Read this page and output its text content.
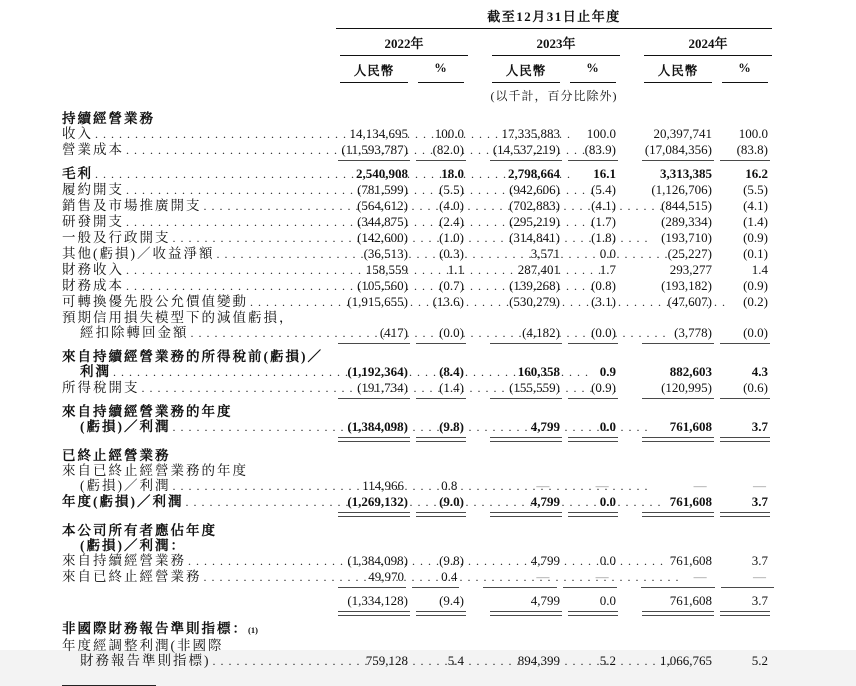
截至12月31日止年度
2022年	2023年	2024年
人民幣	%	人民幣	%	人民幣	%
(以千計，百分比除外)
持續經營業務
收入 . . .	14,134,695	100.0	17,335,883	100.0	20,397,741	100.0
營業成本 . . .	(11,593,787)	(82.0) (14,537,219)	(83.9) (17,084,356)	(83.8)
毛利 . . .	2,540,908	18.0	2,798,664	16.1	3,313,385	16.2
履約開支 . . .	(781,599)	(5.5)	(942,606)	(5.4)	(1,126,706)	(5.5)
銷售及市場推廣開支 . . .	(564,612)	(4.0)	(702,883)	(4.1)	(844,515)	(4.1)
研發開支 . . .	(344,875)	(2.4)	(295,219)	(1.7)	(289,334)	(1.4)
一般及行政開支 . . .	(142,600)	(1.0)	(314,841)	(1.8)	(193,710)	(0.9)
其他(虧損)／收益淨額 . . .	(36,513)	(0.3)	3,571	0.0	(25,227)	(0.1)
財務收入 . . .	158,559	1.1	287,401	1.7	293,277	1.4
財務成本 . . .	(105,560)	(0.7)	(139,268)	(0.8)	(193,182)	(0.9)
可轉換優先股公允價值變動 . . .	(1,915,655)	(13.6)	(530,279)	(3.1)	(47,607)	(0.2)
預期信用損失模型下的減值虧損，
經扣除轉回金額 . . .	(417)	(0.0)	(4,182)	(0.0)	(3,778)	(0.0)
來自持續經營業務的所得稅前(虧損)／
利潤 . . .	(1,192,364)	(8.4)	160,358	0.9	882,603	4.3
所得稅開支 . . .	(191,734)	(1.4)	(155,559)	(0.9)	(120,995)	(0.6)
來自持續經營業務的年度
(虧損)／利潤 . . .	(1,384,098)	(9.8)	4,799	0.0	761,608	3.7
已終止經營業務
來自已終止經營業務的年度
(虧損)／利潤 . . .	114,966	0.8	—	—	—	—
年度(虧損)／利潤 . . .	(1,269,132)	(9.0)	4,799	0.0	761,608	3.7
本公司所有者應佔年度
(虧損)／利潤：
來自持續經營業務 . . .	(1,384,098)	(9.8)	4,799	0.0	761,608	3.7
來自已終止經營業務 . . .	49,970	0.4	—	—	—	—
(1,334,128)	(9.4)	4,799	0.0	761,608	3.7
非國際財務報告準則指標： (1)
年度經調整利潤(非國際
財務報告準則指標) . . .	759,128	5.4	894,399	5.2	1,066,765	5.2
